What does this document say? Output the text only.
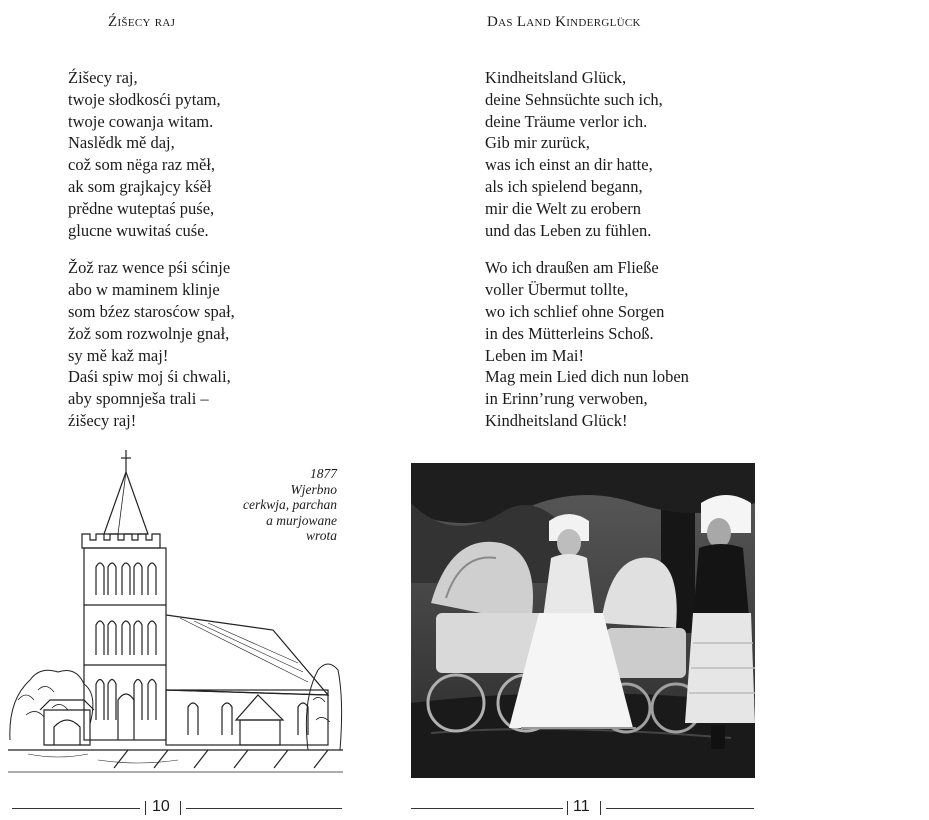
Źišecy raj
Źišecy raj,
twoje słodkosći pytam,
twoje cowanja witam.
Naslědk mě daj,
což som nëga raz měł,
ak som grajkajcy kśěł
prědne wuteptaś puśe,
glucne wuwitaś cuśe.
Žož raz wence pśi sćinje
abo w maminem klinje
som bźez starosćow spał,
žož som rozwolnje gnał,
sy mě kaž maj!
Daśi spiw moj śi chwali,
aby spomnješa trali –
źišecy raj!
1877
Wjerbno
cerkwja, parchan
a murjowane
wrota
10
Das Land Kinderglück
Kindheitsland Glück,
deine Sehnsüchte such ich,
deine Träume verlor ich.
Gib mir zurück,
was ich einst an dir hatte,
als ich spielend begann,
mir die Welt zu erobern
und das Leben zu fühlen.
Wo ich draußen am Fließe
voller Übermut tollte,
wo ich schlief ohne Sorgen
in des Mütterleins Schoß.
Leben im Mai!
Mag mein Lied dich nun loben
in Erinn’rung verwoben,
Kindheitsland Glück!
11
